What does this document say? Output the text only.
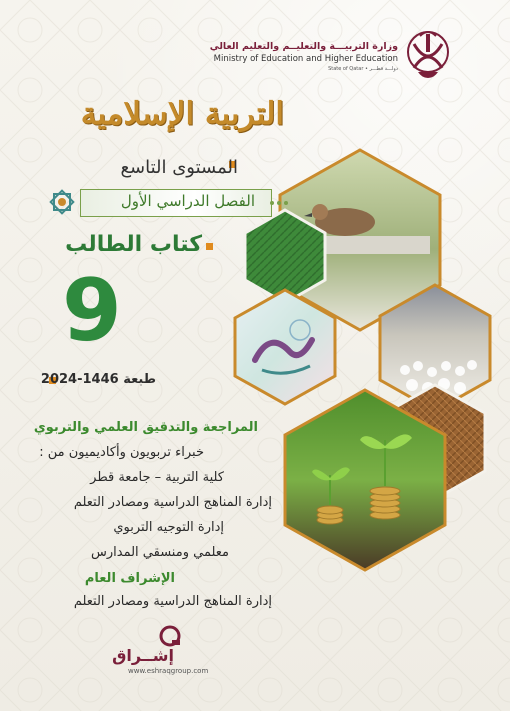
وزارة التربيـــة والتعليــم والتعليم العالي
Ministry of Education and Higher Education
State of Qatar • دولـــة قطـــر
التربية الإسلامية
المستوى التاسع
الفصل الدراسي الأول
كتاب الطالب
9
طبعة 1446-2024
المراجعة والتدقيق العلمي والتربوي
خبراء تربويون وأكاديميون من :
كلية التربية – جامعة قطر
إدارة المناهج الدراسية ومصادر التعلم
إدارة التوجيه التربوي
معلمي ومنسقي المدارس
الإشراف العام
إدارة المناهج الدراسية ومصادر التعلم
إشــراق
www.eshraqgroup.com
